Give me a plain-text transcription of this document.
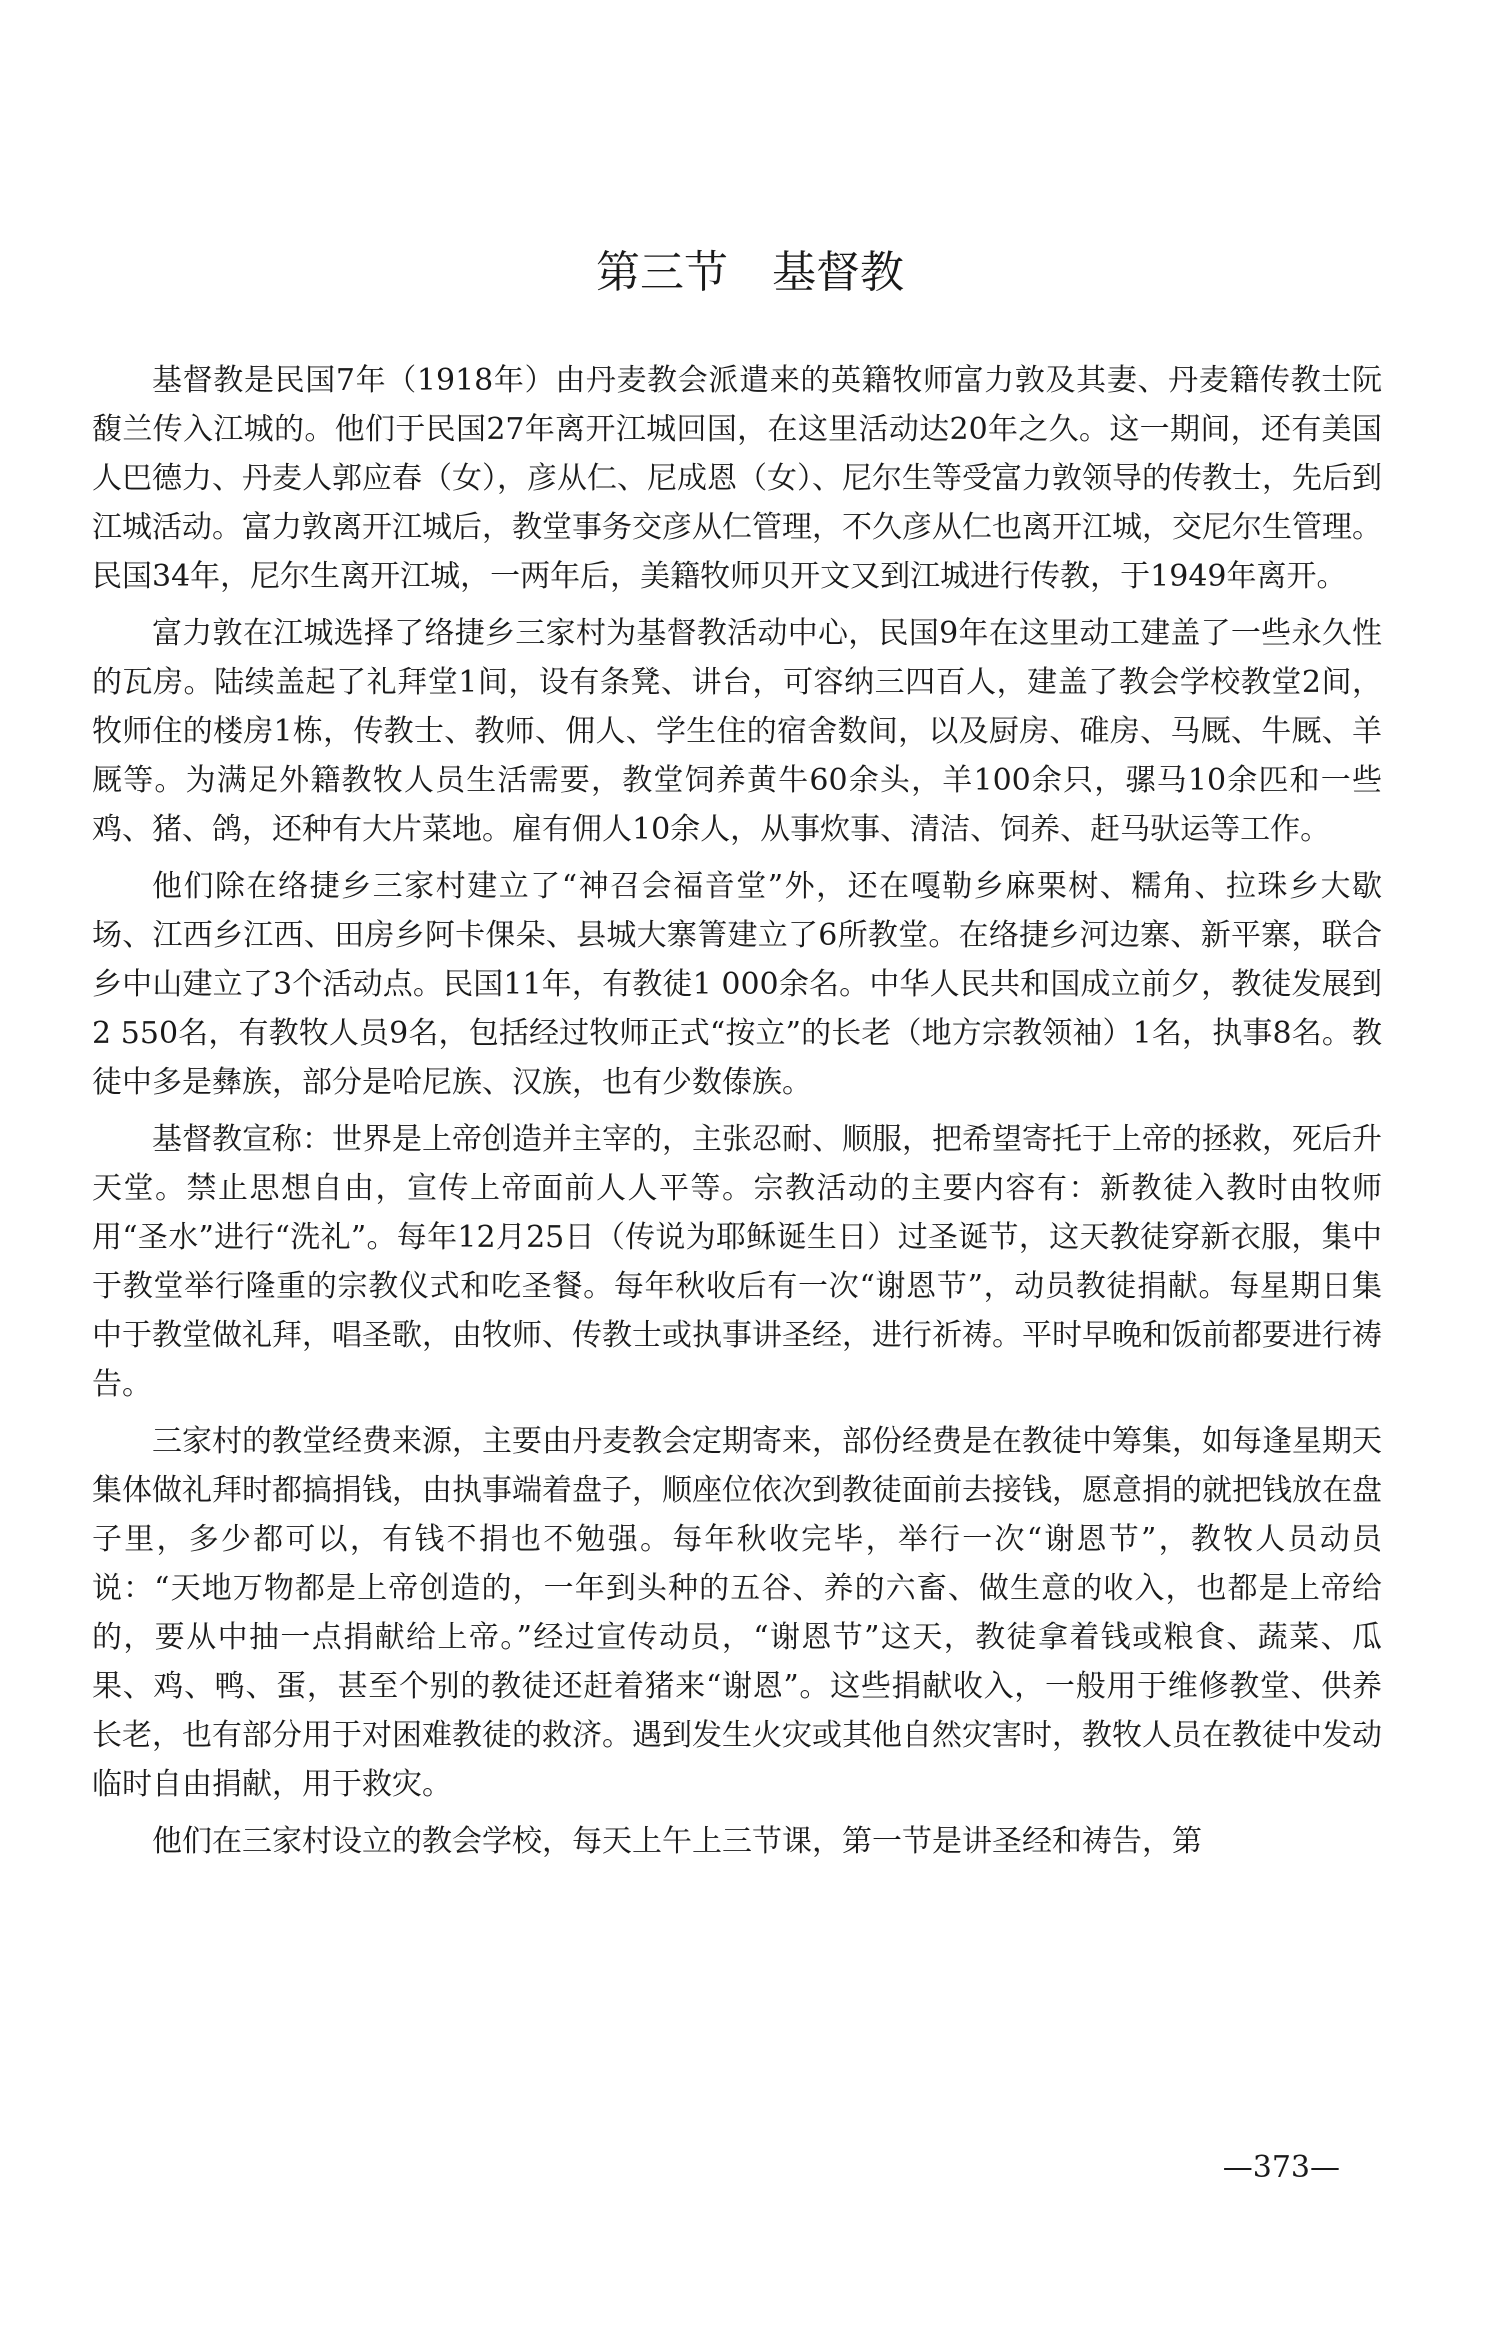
第三节　基督教

基督教是民国7年（1918年）由丹麦教会派遣来的英籍牧师富力敦及其妻、丹麦籍传教士阮馥兰传入江城的。他们于民国27年离开江城回国，在这里活动达20年之久。这一期间，还有美国人巴德力、丹麦人郭应春（女），彦从仁、尼成恩（女）、尼尔生等受富力敦领导的传教士，先后到江城活动。富力敦离开江城后，教堂事务交彦从仁管理，不久彦从仁也离开江城，交尼尔生管理。民国34年，尼尔生离开江城，一两年后，美籍牧师贝开文又到江城进行传教，于1949年离开。

富力敦在江城选择了络捷乡三家村为基督教活动中心，民国9年在这里动工建盖了一些永久性的瓦房。陆续盖起了礼拜堂1间，设有条凳、讲台，可容纳三四百人，建盖了教会学校教堂2间，牧师住的楼房1栋，传教士、教师、佣人、学生住的宿舍数间，以及厨房、碓房、马厩、牛厩、羊厩等。为满足外籍教牧人员生活需要，教堂饲养黄牛60余头，羊100余只，骡马10余匹和一些鸡、猪、鸽，还种有大片菜地。雇有佣人10余人，从事炊事、清洁、饲养、赶马驮运等工作。

他们除在络捷乡三家村建立了“神召会福音堂”外，还在嘎勒乡麻栗树、糯角、拉珠乡大歇场、江西乡江西、田房乡阿卡倮朵、县城大寨箐建立了6所教堂。在络捷乡河边寨、新平寨，联合乡中山建立了3个活动点。民国11年，有教徒1 000余名。中华人民共和国成立前夕，教徒发展到2 550名，有教牧人员9名，包括经过牧师正式“按立”的长老（地方宗教领袖）1名，执事8名。教徒中多是彝族，部分是哈尼族、汉族，也有少数傣族。

基督教宣称：世界是上帝创造并主宰的，主张忍耐、顺服，把希望寄托于上帝的拯救，死后升天堂。禁止思想自由，宣传上帝面前人人平等。宗教活动的主要内容有：新教徒入教时由牧师用“圣水”进行“洗礼”。每年12月25日（传说为耶稣诞生日）过圣诞节，这天教徒穿新衣服，集中于教堂举行隆重的宗教仪式和吃圣餐。每年秋收后有一次“谢恩节”，动员教徒捐献。每星期日集中于教堂做礼拜，唱圣歌，由牧师、传教士或执事讲圣经，进行祈祷。平时早晚和饭前都要进行祷告。

三家村的教堂经费来源，主要由丹麦教会定期寄来，部份经费是在教徒中筹集，如每逢星期天集体做礼拜时都搞捐钱，由执事端着盘子，顺座位依次到教徒面前去接钱，愿意捐的就把钱放在盘子里，多少都可以，有钱不捐也不勉强。每年秋收完毕，举行一次“谢恩节”，教牧人员动员说：“天地万物都是上帝创造的，一年到头种的五谷、养的六畜、做生意的收入，也都是上帝给的，要从中抽一点捐献给上帝。”经过宣传动员，“谢恩节”这天，教徒拿着钱或粮食、蔬菜、瓜果、鸡、鸭、蛋，甚至个别的教徒还赶着猪来“谢恩”。这些捐献收入，一般用于维修教堂、供养长老，也有部分用于对困难教徒的救济。遇到发生火灾或其他自然灾害时，教牧人员在教徒中发动临时自由捐献，用于救灾。

他们在三家村设立的教会学校，每天上午上三节课，第一节是讲圣经和祷告，第

—373—
